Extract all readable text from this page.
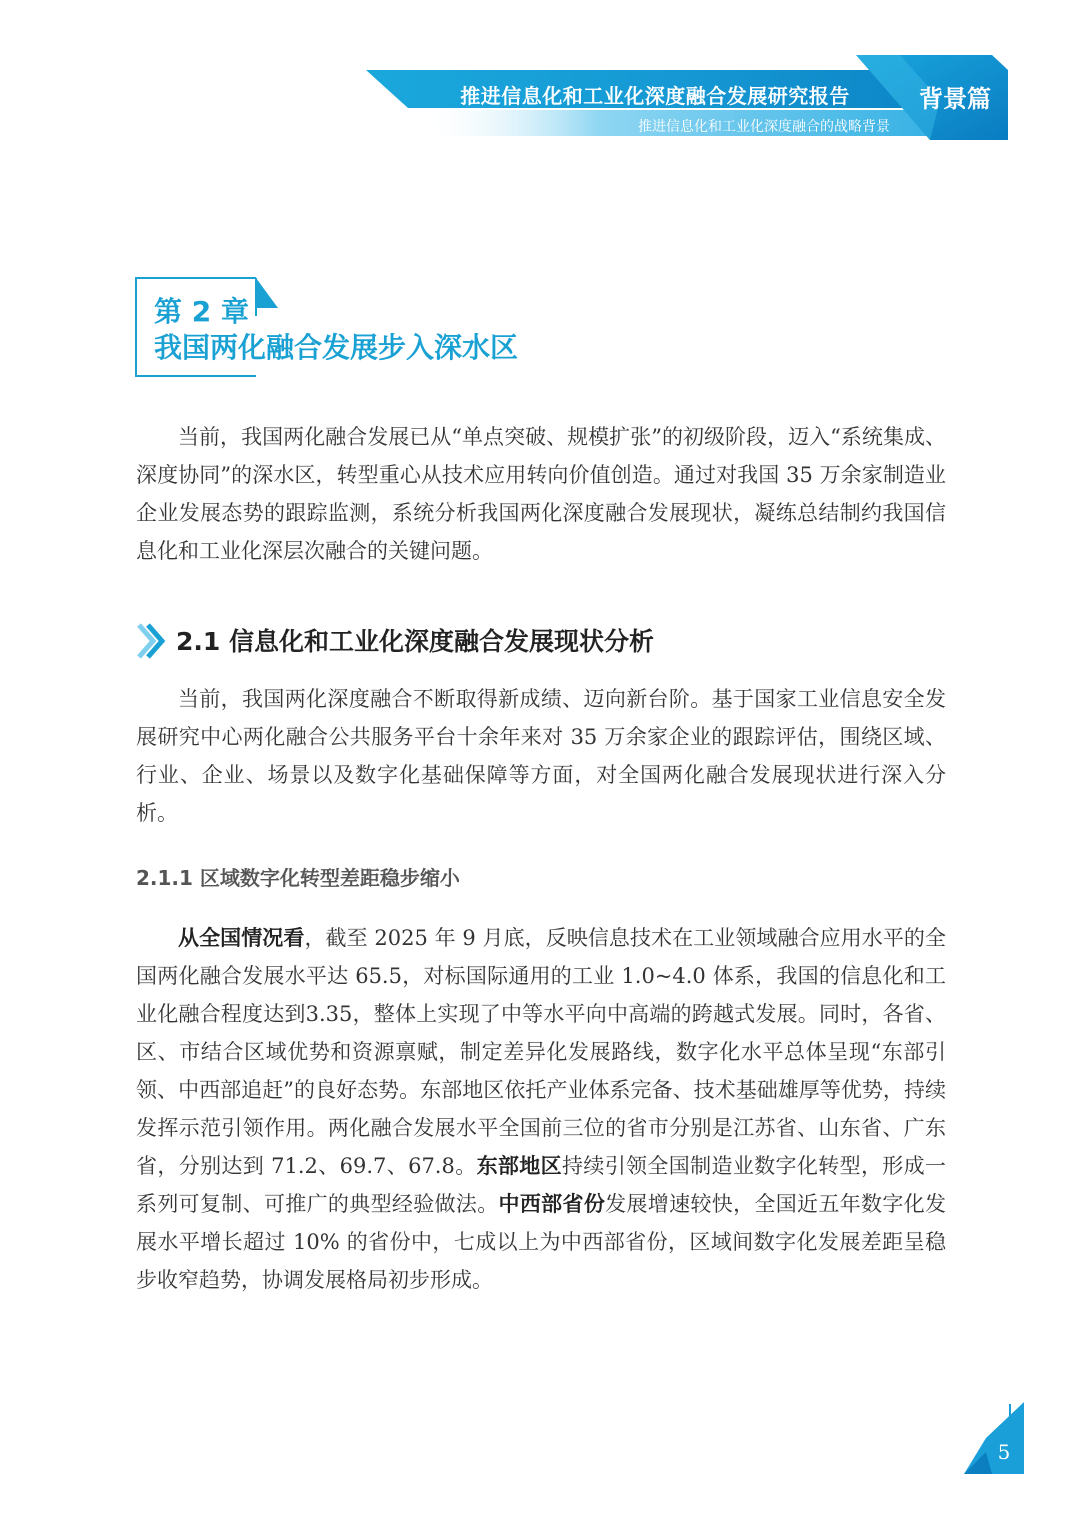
推进信息化和工业化深度融合发展研究报告
推进信息化和工业化深度融合的战略背景
背景篇
第 2 章
我国两化融合发展步入深水区

当前，我国两化融合发展已从“单点突破、规模扩张”的初级阶段，迈入“系统集成、深度协同”的深水区，转型重心从技术应用转向价值创造。通过对我国 35 万余家制造业企业发展态势的跟踪监测，系统分析我国两化深度融合发展现状，凝练总结制约我国信息化和工业化深层次融合的关键问题。

2.1 信息化和工业化深度融合发展现状分析

当前，我国两化深度融合不断取得新成绩、迈向新台阶。基于国家工业信息安全发展研究中心两化融合公共服务平台十余年来对 35 万余家企业的跟踪评估，围绕区域、行业、企业、场景以及数字化基础保障等方面，对全国两化融合发展现状进行深入分析。

2.1.1 区域数字化转型差距稳步缩小

从全国情况看，截至 2025 年 9 月底，反映信息技术在工业领域融合应用水平的全国两化融合发展水平达 65.5，对标国际通用的工业 1.0~4.0 体系，我国的信息化和工业化融合程度达到3.35，整体上实现了中等水平向中高端的跨越式发展。同时，各省、区、市结合区域优势和资源禀赋，制定差异化发展路线，数字化水平总体呈现“东部引领、中西部追赶”的良好态势。东部地区依托产业体系完备、技术基础雄厚等优势，持续发挥示范引领作用。两化融合发展水平全国前三位的省市分别是江苏省、山东省、广东省，分别达到 71.2、69.7、67.8。东部地区持续引领全国制造业数字化转型，形成一系列可复制、可推广的典型经验做法。中西部省份发展增速较快，全国近五年数字化发展水平增长超过 10% 的省份中，七成以上为中西部省份，区域间数字化发展差距呈稳步收窄趋势，协调发展格局初步形成。

5
